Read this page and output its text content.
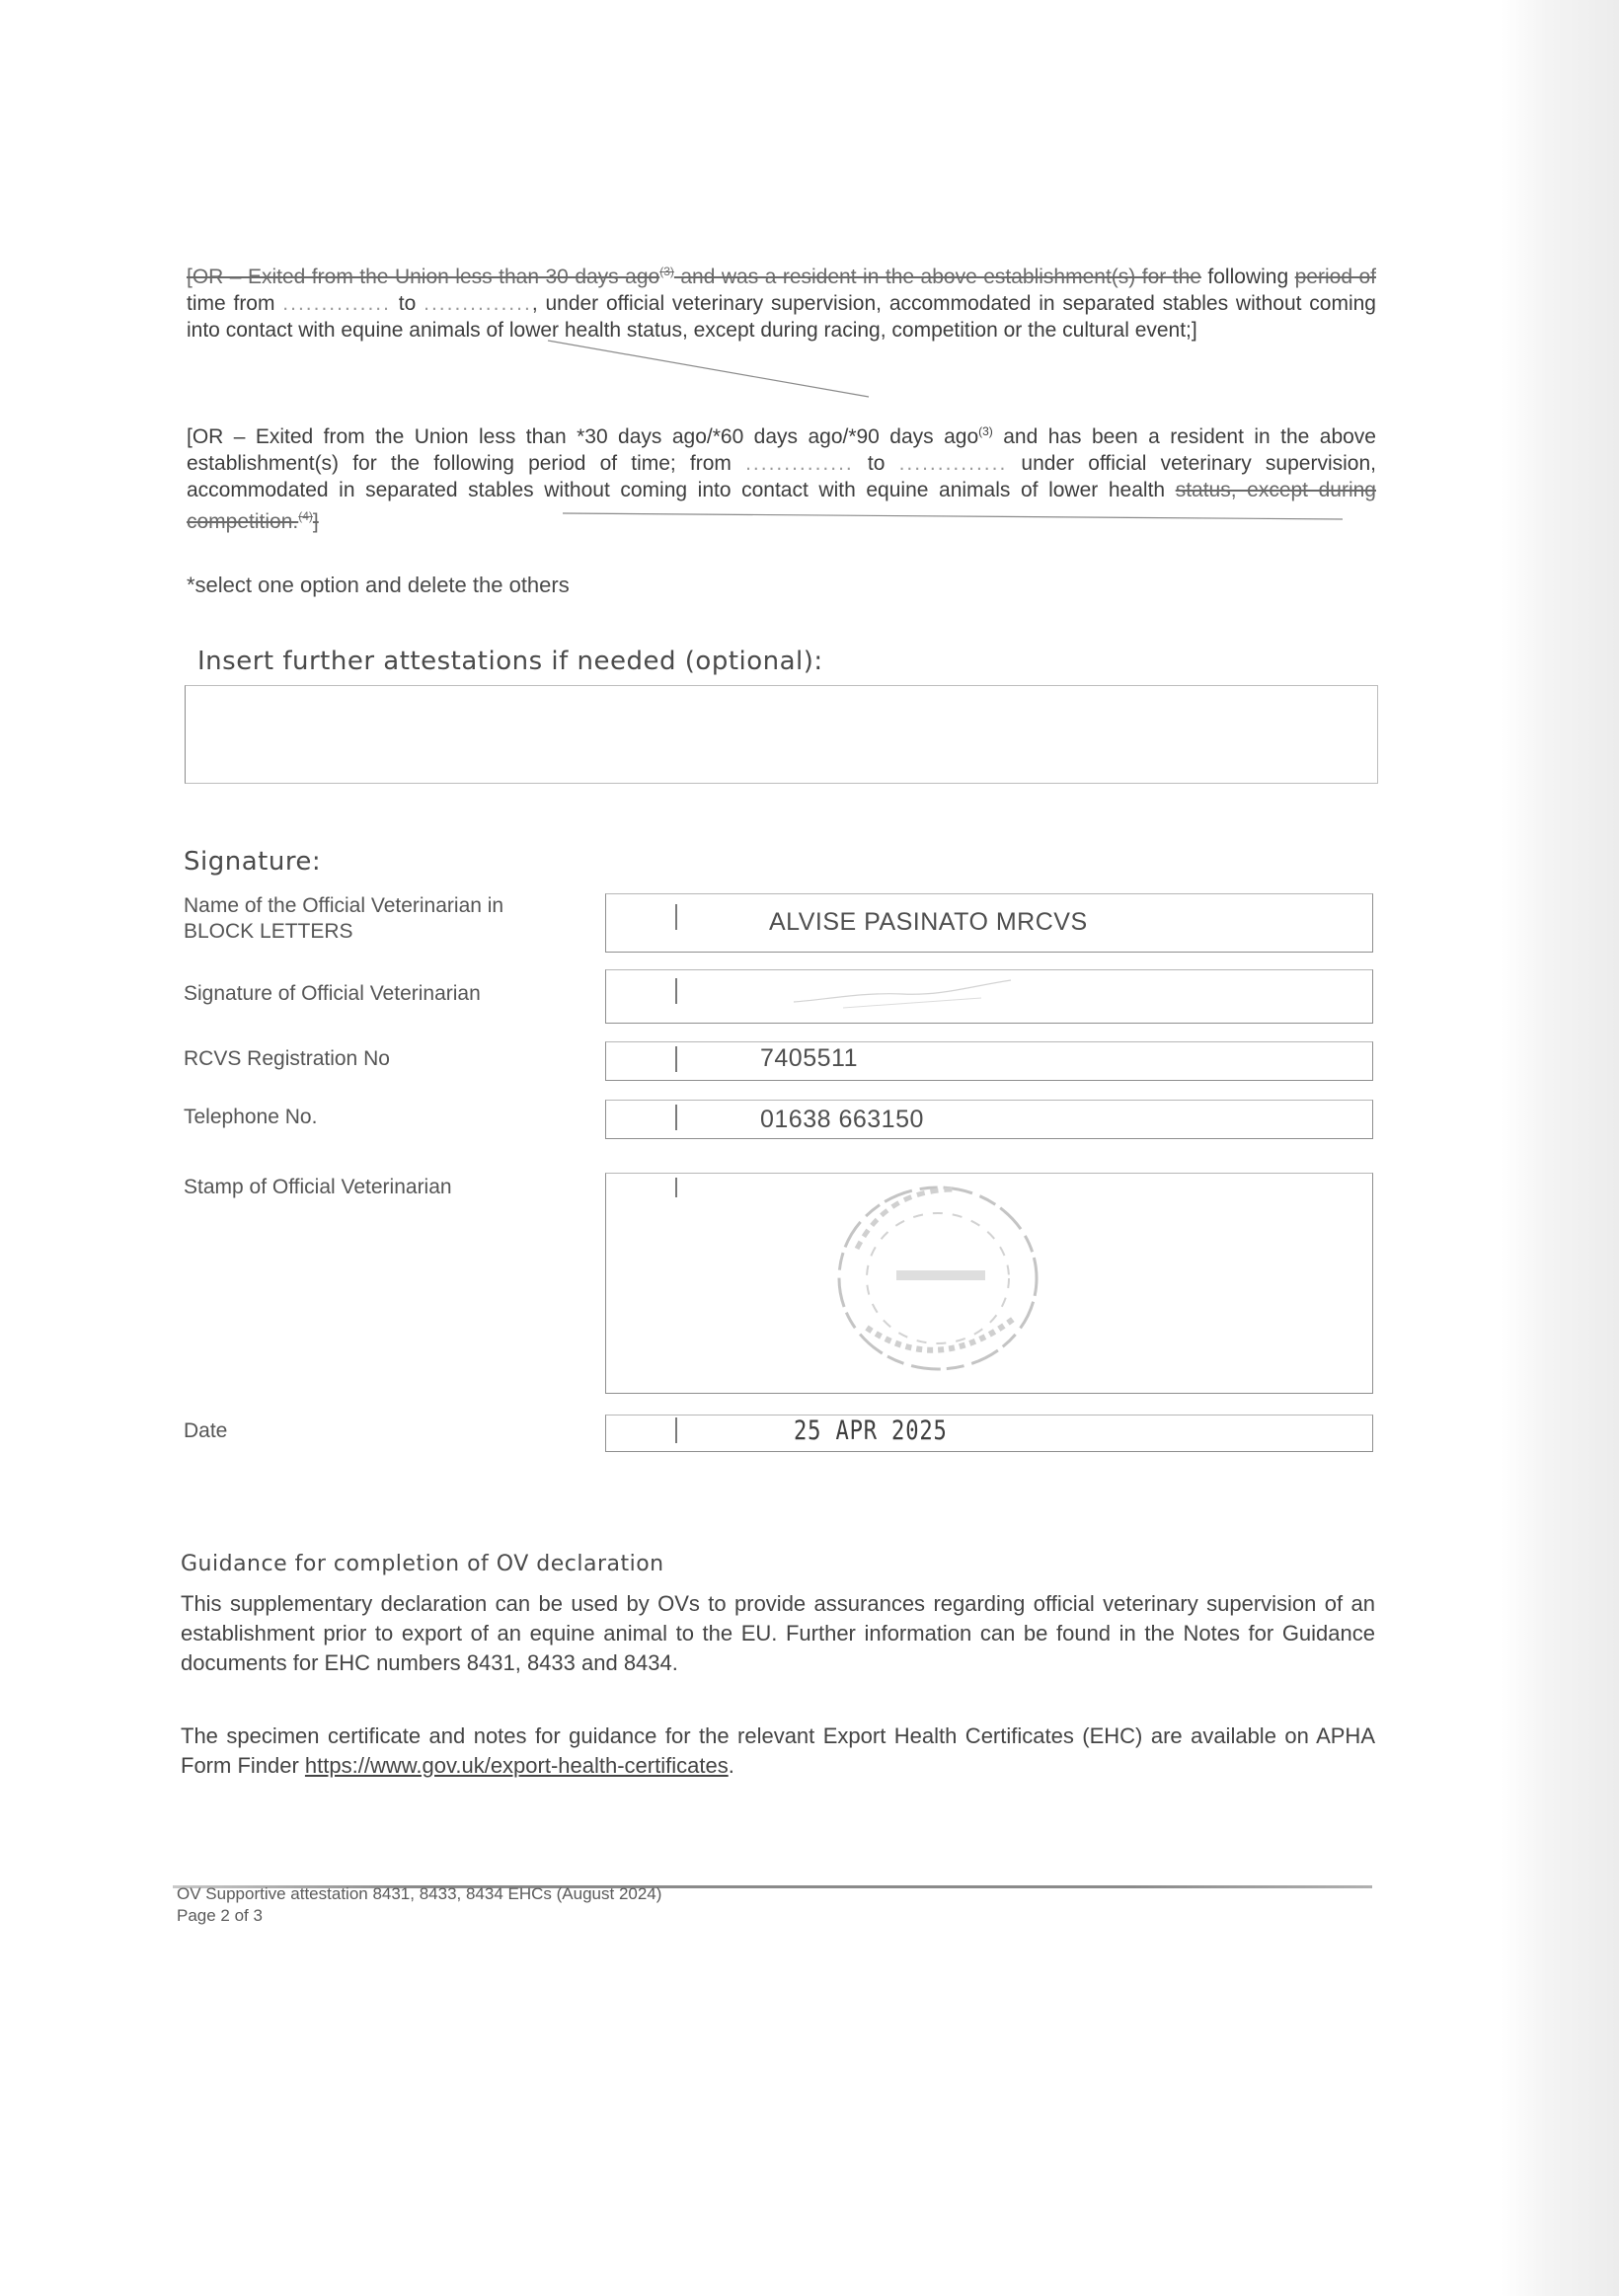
[OR – Exited from the Union less than 30 days ago$^{(3)}$ and was a resident in the above establishment(s) for the following period of time from .............. to .............., under official veterinary supervision, accommodated in separated stables without coming into contact with equine animals of lower health status, except during racing, competition or the cultural event;]
[OR – Exited from the Union less than *30 days ago/*60 days ago/*90 days ago$^{(3)}$ and has been a resident in the above establishment(s) for the following period of time; from .............. to .............. under official veterinary supervision, accommodated in separated stables without coming into contact with equine animals of lower health status, except during competition.$^{(4)}$]
*select one option and delete the others
Insert further attestations if needed (optional):
Signature:
Name of the Official Veterinarian in BLOCK LETTERS	ALVISE PASINATO MRCVS
Signature of Official Veterinarian
RCVS Registration No	7405511
Telephone No.	01638 663150
Stamp of Official Veterinarian
Date	25 APR 2025
Guidance for completion of OV declaration
This supplementary declaration can be used by OVs to provide assurances regarding official veterinary supervision of an establishment prior to export of an equine animal to the EU. Further information can be found in the Notes for Guidance documents for EHC numbers 8431, 8433 and 8434.
The specimen certificate and notes for guidance for the relevant Export Health Certificates (EHC) are available on APHA Form Finder https://www.gov.uk/export-health-certificates.
OV Supportive attestation 8431, 8433, 8434 EHCs (August 2024)
Page 2 of 3
